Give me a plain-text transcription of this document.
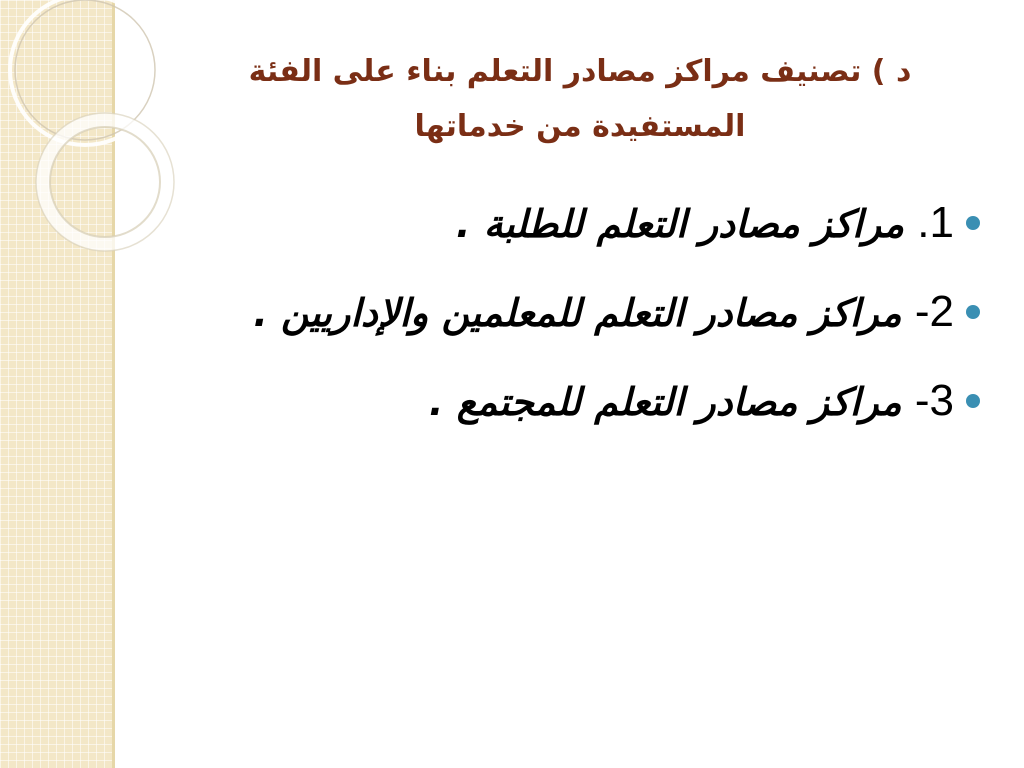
د ) تصنيف مراكز مصادر التعلم بناء على الفئة المستفيدة من خدماتها
1. مراكز مصادر التعلم للطلبة .
2- مراكز مصادر التعلم للمعلمين والإداريين .
3- مراكز مصادر التعلم للمجتمع .
